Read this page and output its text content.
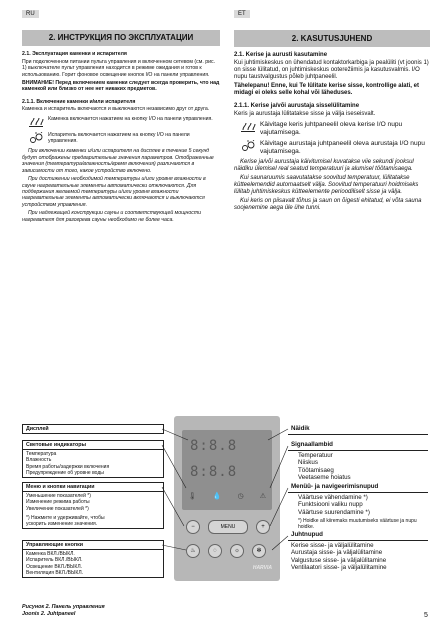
RU	ET
2. ИНСТРУКЦИЯ ПО ЭКСПЛУАТАЦИИ
2.1. Эксплуатация каменки и испарителя

При подключенном питании пульта управления и включенном сетевом (см. рис. 1) выключателе пульт управления находится в режиме ожидания и готов к использованию. Горит фоновое освещение кнопок I/O на панели управления.

ВНИМАНИЕ! Перед включением каменки следует всегда проверить, что над каменкой или близко от нее нет никаких предметов.

2.1.1. Включение каменки и/или испарителя

Каменка и испаритель включаются и выключаются независимо друг от друга.

Каменка включается нажатием на кнопку I/O на панели управления.
Испаритель включается нажатием на кнопку I/O на панели управления.

При включении каменки и/или испарителя на дисплее в течение 5 секунд будут отображены предварительные значения параметров. Отображенные значения (температура/влажность/время включения) различаются в зависимости от того, какое устройство включено.

При достижении необходимой температуры и/или уровня влажности в сауне нагревательные элементы автоматически отключаются. Для поддержания желаемой температуры и/или уровня влажности нагревательные элементы автоматически включаются и выключаются устройством управления.

При надлежащей конструкции сауны и соответствующей мощности нагревателя для разогрева сауны необходимо не более часа.

2. KASUTUSJUHEND
2.1. Kerise ja aurusti kasutamine

Kui juhtimiskeskus on ühendatud kontaktorkarbiga ja pealüliti (vt joonis 1) on sisse lülitatud, on juhtimiskeskus ooterežiimis ja kasutusvalmis. I/O nupu taustvalgustus põleb juhtpaneelil.

Tähelepanu! Enne, kui Te lülitate kerise sisse, kontrollige alati, et midagi ei oleks selle kohal või läheduses.

2.1.1. Kerise ja/või aurustaja sisselülitamine

Keris ja aurustaja lülitatakse sisse ja välja iseseisvalt.

Käivitage keris juhtpaneelil oleva kerise I/O nupu vajutamisega.
Käivitage aurustaja juhtpaneelil oleva aurustaja I/O nupu vajutamisega.

Kerise ja/või aurustaja käivitumisel kuvatakse viie sekundi jooksul näidiku ülemisel real seatud temperatuuri ja alumisel töötamisaega.

Kui saunaruumis saavutatakse soovitud temperatuur, lülitatakse küttеelemendid automaatselt välja. Soovitud temperatuuri hoidmiseks lülitab juhtimiskeskus kütteelemente perioodiliselt sisse ja välja.

Kui keris on piisavalt tõhus ja saun on õigesti ehitatud, ei võta sauna soojenemine aega üle ühe tunni.

Дисплей
Световые индикаторы
Температура
Влажность
Время работы/задержки включения
Предупреждение об уровне воды
Меню и кнопки навигации
Уменьшение показателей *)
Изменение режима работы
Увеличение показателей *)
*) Нажмите и удерживайте, чтобы ускорить изменение значения.
Управляющие кнопки
Каменка ВКЛ./ВЫКЛ.
Испаритель ВКЛ./ВЫКЛ.
Освещение ВКЛ./ВЫКЛ.
Вентиляция ВКЛ./ВЫКЛ.
8:8.8
8:8.8
🌡 💧 ◷ ⚠
−	MENU	+
♨	◌	☼	✻
HARVIA
Näidik
Signaallambid
Temperatuur
Niiskus
Töötamisaeg
Veetaseme hoiatus
Menüü- ja navigeerimisnupud
Väärtuse vähendamine *)
Funktsiooni valiku nupp
Väärtuse suurendamine *)
*) Hoidke all kiiremaks muutumiseks väärtuse ja nupu hoidke.
Juhtnupud
Kerise sisse- ja väljalülitamine
Aurustaja sisse- ja väljalülitamine
Valgustuse sisse- ja väljalülitamine
Ventilaatori sisse- ja väljalülitamine
Рисунок 2. Панель управления
Joonis 2. Juhtpaneel	5
